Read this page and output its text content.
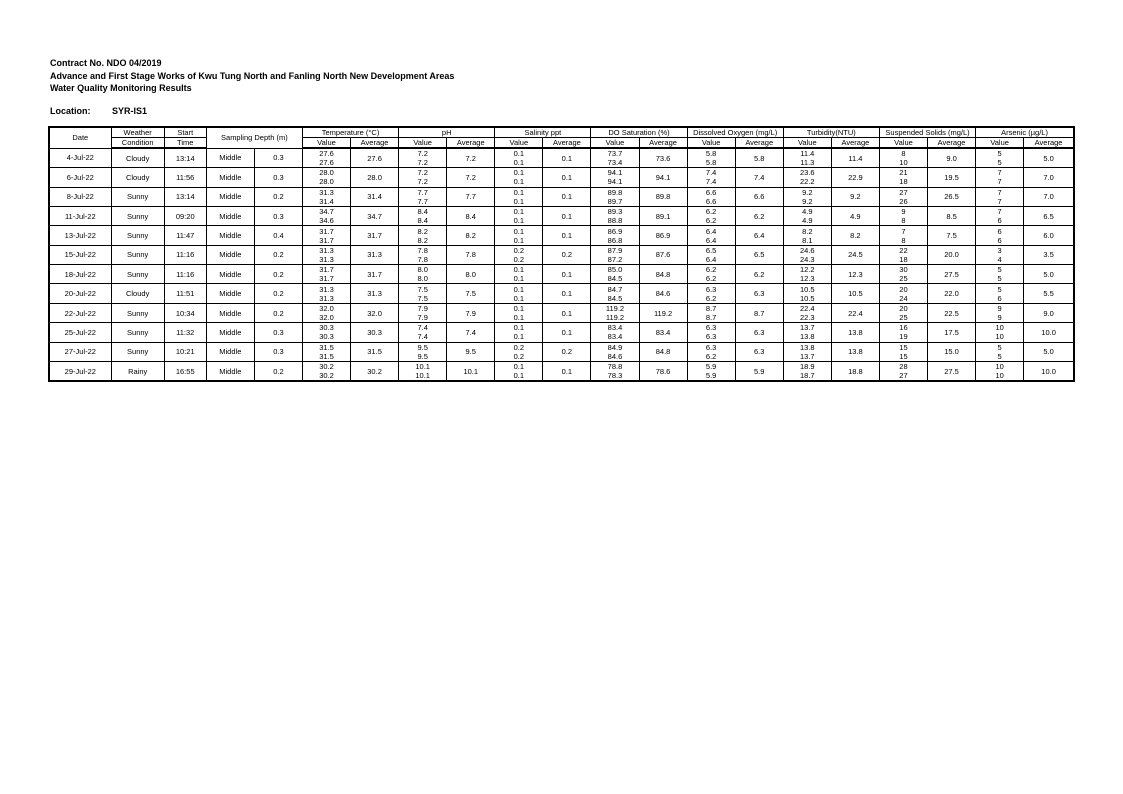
Contract No. NDO 04/2019
Advance and First Stage Works of Kwu Tung North and Fanling North New Development Areas
Water Quality Monitoring Results
Location: SYR-IS1
Date	Weather	Start	Sampling Depth (m)		Temperature (°C)		pH		Salinity ppt		DO Saturation (%)		Dissolved Oxygen (mg/L)		Turbidity(NTU)		Suspended Solids (mg/L)		Arsenic (µg/L)	
	Condition	Time			Value	Average	Value	Average	Value	Average	Value	Average	Value	Average	Value	Average	Value	Average	Value	Average
4-Jul-22	Cloudy	13:14	Middle	0.3	27.6	27.6	7.2	7.2	0.1	0.1	73.7	73.6	5.8	5.8	11.4	11.4	8	9.0	5	5.0
					27.6		7.2		0.1		73.4		5.8		11.3		10		5	
6-Jul-22	Cloudy	11:56	Middle	0.3	28.0	28.0	7.2	7.2	0.1	0.1	94.1	94.1	7.4	7.4	23.6	22.9	21	19.5	7	7.0
					28.0		7.2		0.1		94.1		7.4		22.2		18		7	
8-Jul-22	Sunny	13:14	Middle	0.2	31.3	31.4	7.7	7.7	0.1	0.1	89.8	89.8	6.6	6.6	9.2	9.2	27	26.5	7	7.0
					31.4		7.7		0.1		89.7		6.6		9.2		26		7	
11-Jul-22	Sunny	09:20	Middle	0.3	34.7	34.7	8.4	8.4	0.1	0.1	89.3	89.1	6.2	6.2	4.9	4.9	9	8.5	7	6.5
					34.6		8.4		0.1		88.8		6.2		4.9		8		6	
13-Jul-22	Sunny	11:47	Middle	0.4	31.7	31.7	8.2	8.2	0.1	0.1	86.9	86.9	6.4	6.4	8.2	8.2	7	7.5	6	6.0
					31.7		8.2		0.1		86.8		6.4		8.1		8		6	
15-Jul-22	Sunny	11:16	Middle	0.2	31.3	31.3	7.8	7.8	0.2	0.2	87.9	87.6	6.5	6.5	24.6	24.5	22	20.0	3	3.5
					31.3		7.8		0.2		87.2		6.4		24.3		18		4	
18-Jul-22	Sunny	11:16	Middle	0.2	31.7	31.7	8.0	8.0	0.1	0.1	85.0	84.8	6.2	6.2	12.2	12.3	30	27.5	5	5.0
					31.7		8.0		0.1		84.5		6.2		12.3		25		5	
20-Jul-22	Cloudy	11:51	Middle	0.2	31.3	31.3	7.5	7.5	0.1	0.1	84.7	84.6	6.3	6.3	10.5	10.5	20	22.0	5	5.5
					31.3		7.5		0.1		84.5		6.2		10.5		24		6	
22-Jul-22	Sunny	10:34	Middle	0.2	32.0	32.0	7.9	7.9	0.1	0.1	119.2	119.2	8.7	8.7	22.4	22.4	20	22.5	9	9.0
					32.0		7.9		0.1		119.2		8.7		22.3		25		9	
25-Jul-22	Sunny	11:32	Middle	0.3	30.3	30.3	7.4	7.4	0.1	0.1	83.4	83.4	6.3	6.3	13.7	13.8	16	17.5	10	10.0
					30.3		7.4		0.1		83.4		6.3		13.8		19		10	
27-Jul-22	Sunny	10:21	Middle	0.3	31.5	31.5	9.5	9.5	0.2	0.2	84.9	84.8	6.3	6.3	13.8	13.8	15	15.0	5	5.0
					31.5		9.5		0.2		84.6		6.2		13.7		15		5	
29-Jul-22	Rainy	16:55	Middle	0.2	30.2	30.2	10.1	10.1	0.1	0.1	78.8	78.6	5.9	5.9	18.9	18.8	28	27.5	10	10.0
					30.2		10.1		0.1		78.3		5.9		18.7		27		10	
